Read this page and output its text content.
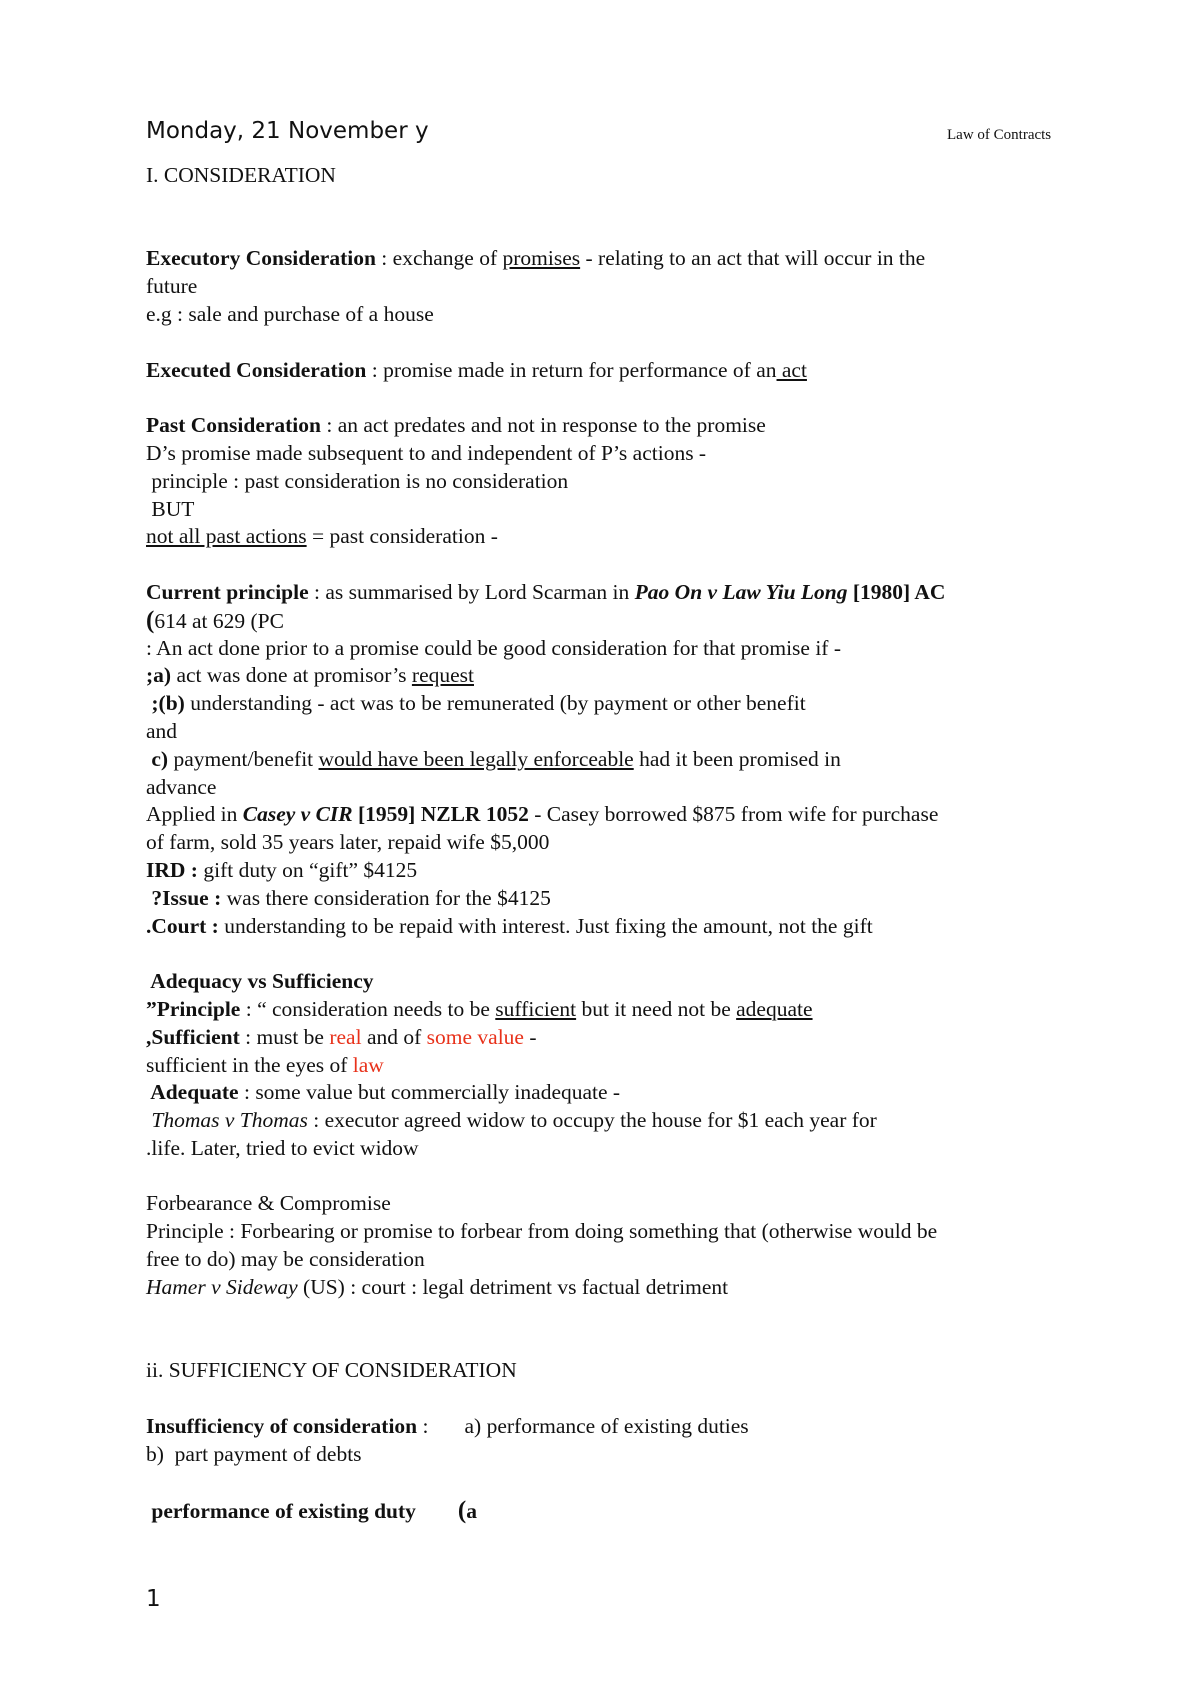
Monday, 21 November y	Law of Contracts
I. CONSIDERATION
Executory Consideration : exchange of promises - relating to an act that will occur in the
future
e.g : sale and purchase of a house
Executed Consideration : promise made in return for performance of an act
Past Consideration : an act predates and not in response to the promise
D’s promise made subsequent to and independent of P’s actions -
principle : past consideration is no consideration
BUT
not all past actions = past consideration -
Current principle : as summarised by Lord Scarman in Pao On v Law Yiu Long [1980] AC
(614 at 629 (PC
: An act done prior to a promise could be good consideration for that promise if -
;a) act was done at promisor’s request
;(b) understanding - act was to be remunerated (by payment or other benefit
and
c) payment/benefit would have been legally enforceable had it been promised in
advance
Applied in Casey v CIR [1959] NZLR 1052 - Casey borrowed $875 from wife for purchase
of farm, sold 35 years later, repaid wife $5,000
IRD : gift duty on “gift” $4125
?Issue : was there consideration for the $4125
.Court : understanding to be repaid with interest. Just fixing the amount, not the gift
Adequacy vs Sufficiency
”Principle : “ consideration needs to be sufficient but it need not be adequate
,Sufficient : must be real and of some value -
sufficient in the eyes of law
Adequate : some value but commercially inadequate -
Thomas v Thomas : executor agreed widow to occupy the house for $1 each year for
.life. Later, tried to evict widow
Forbearance & Compromise
Principle : Forbearing or promise to forbear from doing something that (otherwise would be
free to do) may be consideration
Hamer v Sideway (US) : court : legal detriment vs factual detriment
ii. SUFFICIENCY OF CONSIDERATION
Insufficiency of consideration : a) performance of existing duties
b)  part payment of debts
performance of existing duty (a
1
